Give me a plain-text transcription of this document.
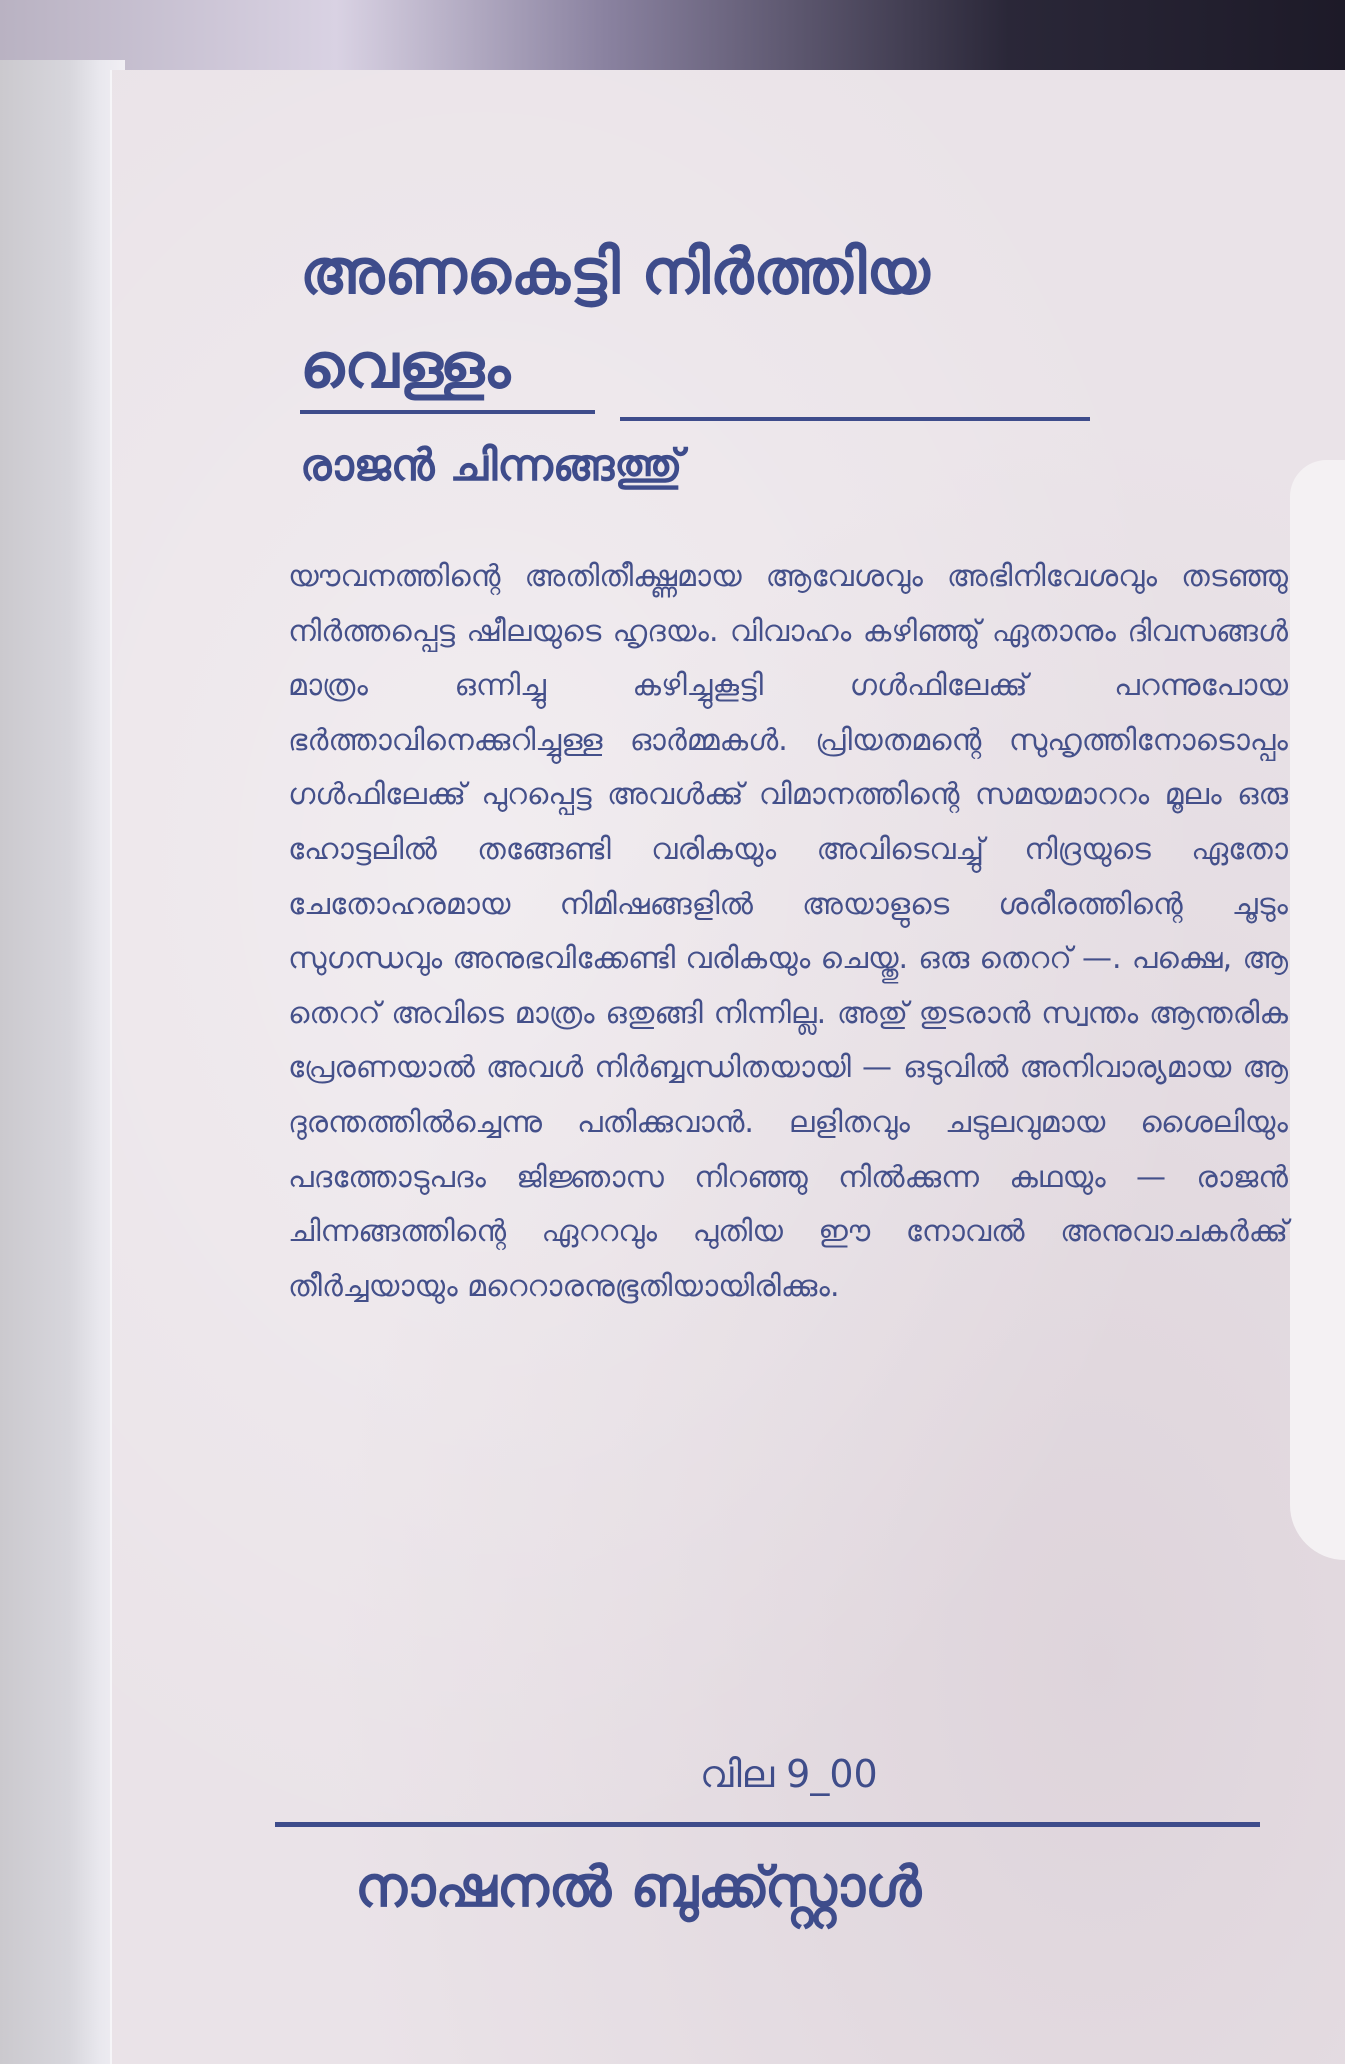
അണകെട്ടി നിർത്തിയ വെള്ളം
രാജൻ ചിന്നങ്ങത്തു്

യൗവനത്തിന്റെ അതിതീക്ഷ്ണമായ ആവേശവും അഭിനിവേശവും തടഞ്ഞു നിർത്തപ്പെട്ട ഷീലയുടെ ഹൃദയം. വിവാഹം കഴിഞ്ഞു് ഏതാനും ദിവസങ്ങൾ മാത്രം ഒന്നിച്ചു കഴിച്ചുകൂട്ടി ഗൾഫിലേക്കു് പറന്നുപോയ ഭർത്താവിനെക്കുറിച്ചുള്ള ഓർമ്മകൾ. പ്രിയതമന്റെ സുഹൃത്തിനോടൊപ്പം ഗൾഫിലേക്കു് പുറപ്പെട്ട അവൾക്കു് വിമാനത്തിന്റെ സമയമാററം മൂലം ഒരു ഹോട്ടലിൽ തങ്ങേണ്ടി വരികയും അവിടെവച്ചു് നിദ്രയുടെ ഏതോ ചേതോഹരമായ നിമിഷങ്ങളിൽ അയാളുടെ ശരീരത്തിന്റെ ചൂടും സുഗന്ധവും അനുഭവിക്കേണ്ടി വരികയും ചെയ്തു. ഒരു തെററ് —. പക്ഷെ, ആ തെററ് അവിടെ മാത്രം ഒതുങ്ങി നിന്നില്ല. അതു് തുടരാൻ സ്വന്തം ആന്തരിക പ്രേരണയാൽ അവൾ നിർബ്ബന്ധിതയായി — ഒടുവിൽ അനിവാര്യമായ ആ ദുരന്തത്തിൽച്ചെന്നു പതിക്കുവാൻ. ലളിതവും ചടുലവുമായ ശൈലിയും പദത്തോടുപദം ജിജ്ഞാസ നിറഞ്ഞു നിൽക്കുന്ന കഥയും — രാജൻ ചിന്നങ്ങത്തിന്റെ ഏററവും പുതിയ ഈ നോവൽ അനുവാചകർക്കു് തീർച്ചയായും മറെറാരനുഭൂതിയായിരിക്കും.

വില 9_00
നാഷനൽ ബുക്ക്സ്റ്റാൾ
